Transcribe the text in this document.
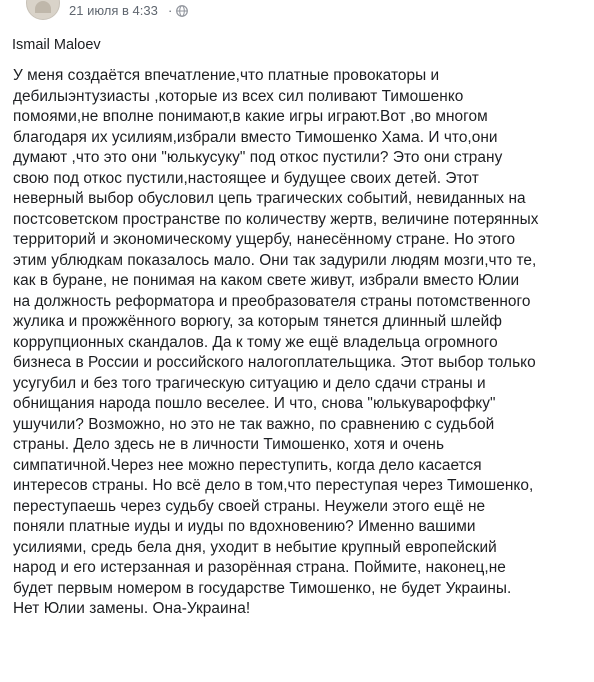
21 июля в 4:33 ·
Ismail Maloev
У меня создаётся впечатление,что платные провокаторы и
дебилыэнтузиасты ,которые из всех сил поливают Тимошенко
помоями,не вполне понимают,в какие игры играют.Вот ,во многом
благодаря их усилиям,избрали вместо Тимошенко Хама. И что,они
думают ,что это они "юлькусуку" под откос пустили? Это они страну
свою под откос пустили,настоящее и будущее своих детей. Этот
неверный выбор обусловил цепь трагических событий, невиданных на
постсоветском пространстве по количеству жертв, величине потерянных
территорий и экономическому ущербу, нанесённому стране. Но этого
этим ублюдкам показалось мало. Они так задурили людям мозги,что те,
как в буране, не понимая на каком свете живут, избрали вместо Юлии
на должность реформатора и преобразователя страны потомственного
жулика и прожжённого ворюгу, за которым тянется длинный шлейф
коррупционных скандалов. Да к тому же ещё владельца огромного
бизнеса в России и российского налогоплательщика. Этот выбор только
усугубил и без того трагическую ситуацию и дело сдачи страны и
обнищания народа пошло веселее. И что, снова "юлькувароффку"
ушучили? Возможно, но это не так важно, по сравнению с судьбой
страны. Дело здесь не в личности Тимошенко, хотя и очень
симпатичной.Через нее можно переступить, когда дело касается
интересов страны. Но всё дело в том,что переступая через Тимошенко,
переступаешь через судьбу своей страны. Неужели этого ещё не
поняли платные иуды и иуды по вдохновению? Именно вашими
усилиями, средь бела дня, уходит в небытие крупный европейский
народ и его истерзанная и разорённая страна. Поймите, наконец,не
будет первым номером в государстве Тимошенко, не будет Украины.
Нет Юлии замены. Она-Украина!
